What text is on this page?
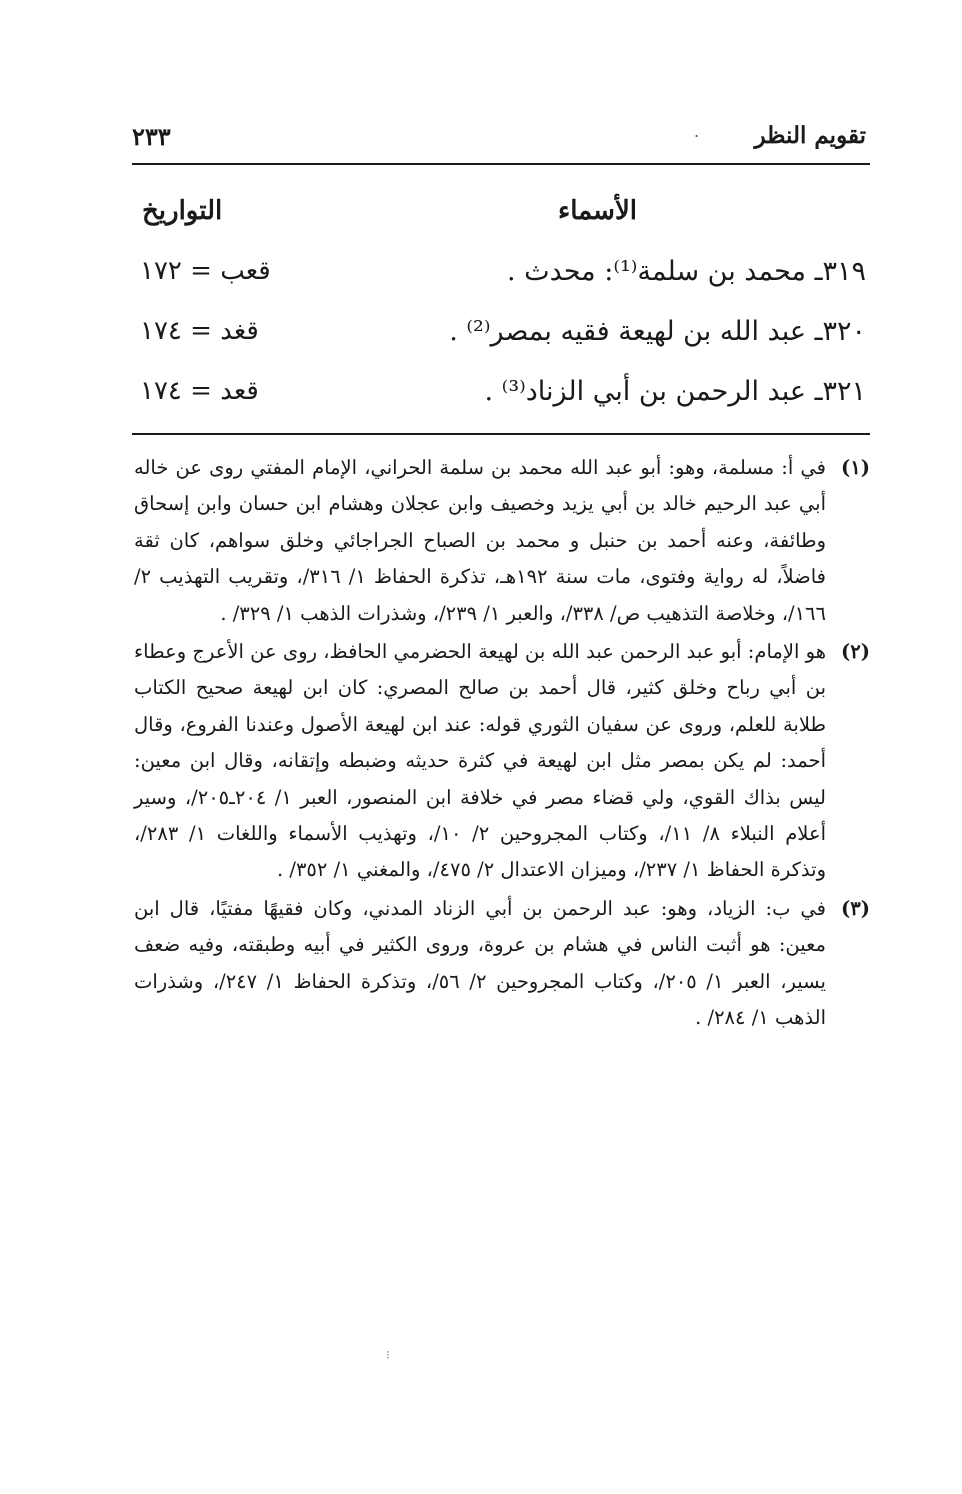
تقويم النظر
.
٢٣٣
الأسماء
التواريخ
٣١٩ـ محمد بن سلمة⁽¹⁾: محدث .
قعب = ١٧٢
٣٢٠ـ عبد الله بن لهيعة فقيه بمصر⁽²⁾ .
قغد = ١٧٤
٣٢١ـ عبد الرحمن بن أبي الزناد⁽³⁾ .
قعد = ١٧٤
(١)
في أ: مسلمة، وهو: أبو عبد الله محمد بن سلمة الحراني، الإمام المفتي روى عن خاله أبي عبد الرحيم خالد بن أبي يزيد وخصيف وابن عجلان وهشام ابن حسان وابن إسحاق وطائفة، وعنه أحمد بن حنبل و محمد بن الصباح الجراجائي وخلق سواهم، كان ثقة فاضلاً، له رواية وفتوى، مات سنة ١٩٢هـ، تذكرة الحفاظ ١/ ٣١٦/، وتقريب التهذيب ٢/ ١٦٦/، وخلاصة التذهيب ص/ ٣٣٨/، والعبر ١/ ٢٣٩/، وشذرات الذهب ١/ ٣٢٩/ .
(٢)
هو الإمام: أبو عبد الرحمن عبد الله بن لهيعة الحضرمي الحافظ، روى عن الأعرج وعطاء بن أبي رباح وخلق كثير، قال أحمد بن صالح المصري: كان ابن لهيعة صحيح الكتاب طلابة للعلم، وروى عن سفيان الثوري قوله: عند ابن لهيعة الأصول وعندنا الفروع، وقال أحمد: لم يكن بمصر مثل ابن لهيعة في كثرة حديثه وضبطه وإتقانه، وقال ابن معين: ليس بذاك القوي، ولي قضاء مصر في خلافة ابن المنصور، العبر ١/ ٢٠٤ـ٢٠٥/، وسير أعلام النبلاء ٨/ ١١/، وكتاب المجروحين ٢/ ١٠/، وتهذيب الأسماء واللغات ١/ ٢٨٣/، وتذكرة الحفاظ ١/ ٢٣٧/، وميزان الاعتدال ٢/ ٤٧٥/، والمغني ١/ ٣٥٢/ .
(٣)
في ب: الزياد، وهو: عبد الرحمن بن أبي الزناد المدني، وكان فقيهًا مفتيًا، قال ابن معين: هو أثبت الناس في هشام بن عروة، وروى الكثير في أبيه وطبقته، وفيه ضعف يسير، العبر ١/ ٢٠٥/، وكتاب المجروحين ٢/ ٥٦/، وتذكرة الحفاظ ١/ ٢٤٧/، وشذرات الذهب ١/ ٢٨٤/ .
⁝
